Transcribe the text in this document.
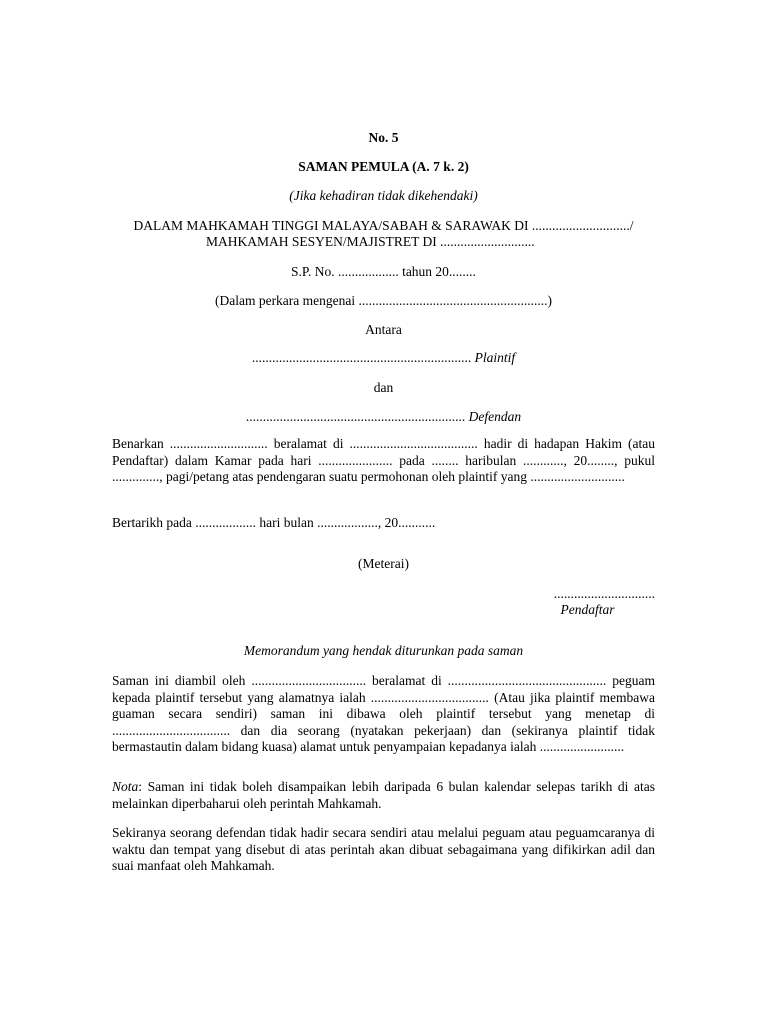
No. 5
SAMAN PEMULA (A. 7 k. 2)
(Jika kehadiran tidak dikehendaki)
DALAM MAHKAMAH TINGGI MALAYA/SABAH & SARAWAK DI ............................./
MAHKAMAH SESYEN/MAJISTRET DI ............................
S.P. No. .................. tahun 20........
(Dalam perkara mengenai ........................................................)
Antara
................................................................. Plaintif
dan
................................................................. Defendan
Benarkan ............................. beralamat di ...................................... hadir di hadapan Hakim (atau Pendaftar) dalam Kamar pada hari ...................... pada ........ haribulan ............, 20........, pukul .............., pagi/petang atas pendengaran suatu permohonan oleh plaintif yang ............................
Bertarikh pada .................. hari bulan .................., 20...........
(Meterai)
..............................
Pendaftar
Memorandum yang hendak diturunkan pada saman
Saman ini diambil oleh .................................. beralamat di ............................................... peguam kepada plaintif tersebut yang alamatnya ialah ................................... (Atau jika plaintif membawa guaman secara sendiri) saman ini dibawa oleh plaintif tersebut yang menetap di ................................... dan dia seorang (nyatakan pekerjaan) dan (sekiranya plaintif tidak bermastautin dalam bidang kuasa) alamat untuk penyampaian kepadanya ialah .........................
Nota: Saman ini tidak boleh disampaikan lebih daripada 6 bulan kalendar selepas tarikh di atas melainkan diperbaharui oleh perintah Mahkamah.
Sekiranya seorang defendan tidak hadir secara sendiri atau melalui peguam atau peguamcaranya di waktu dan tempat yang disebut di atas perintah akan dibuat sebagaimana yang difikirkan adil dan suai manfaat oleh Mahkamah.
